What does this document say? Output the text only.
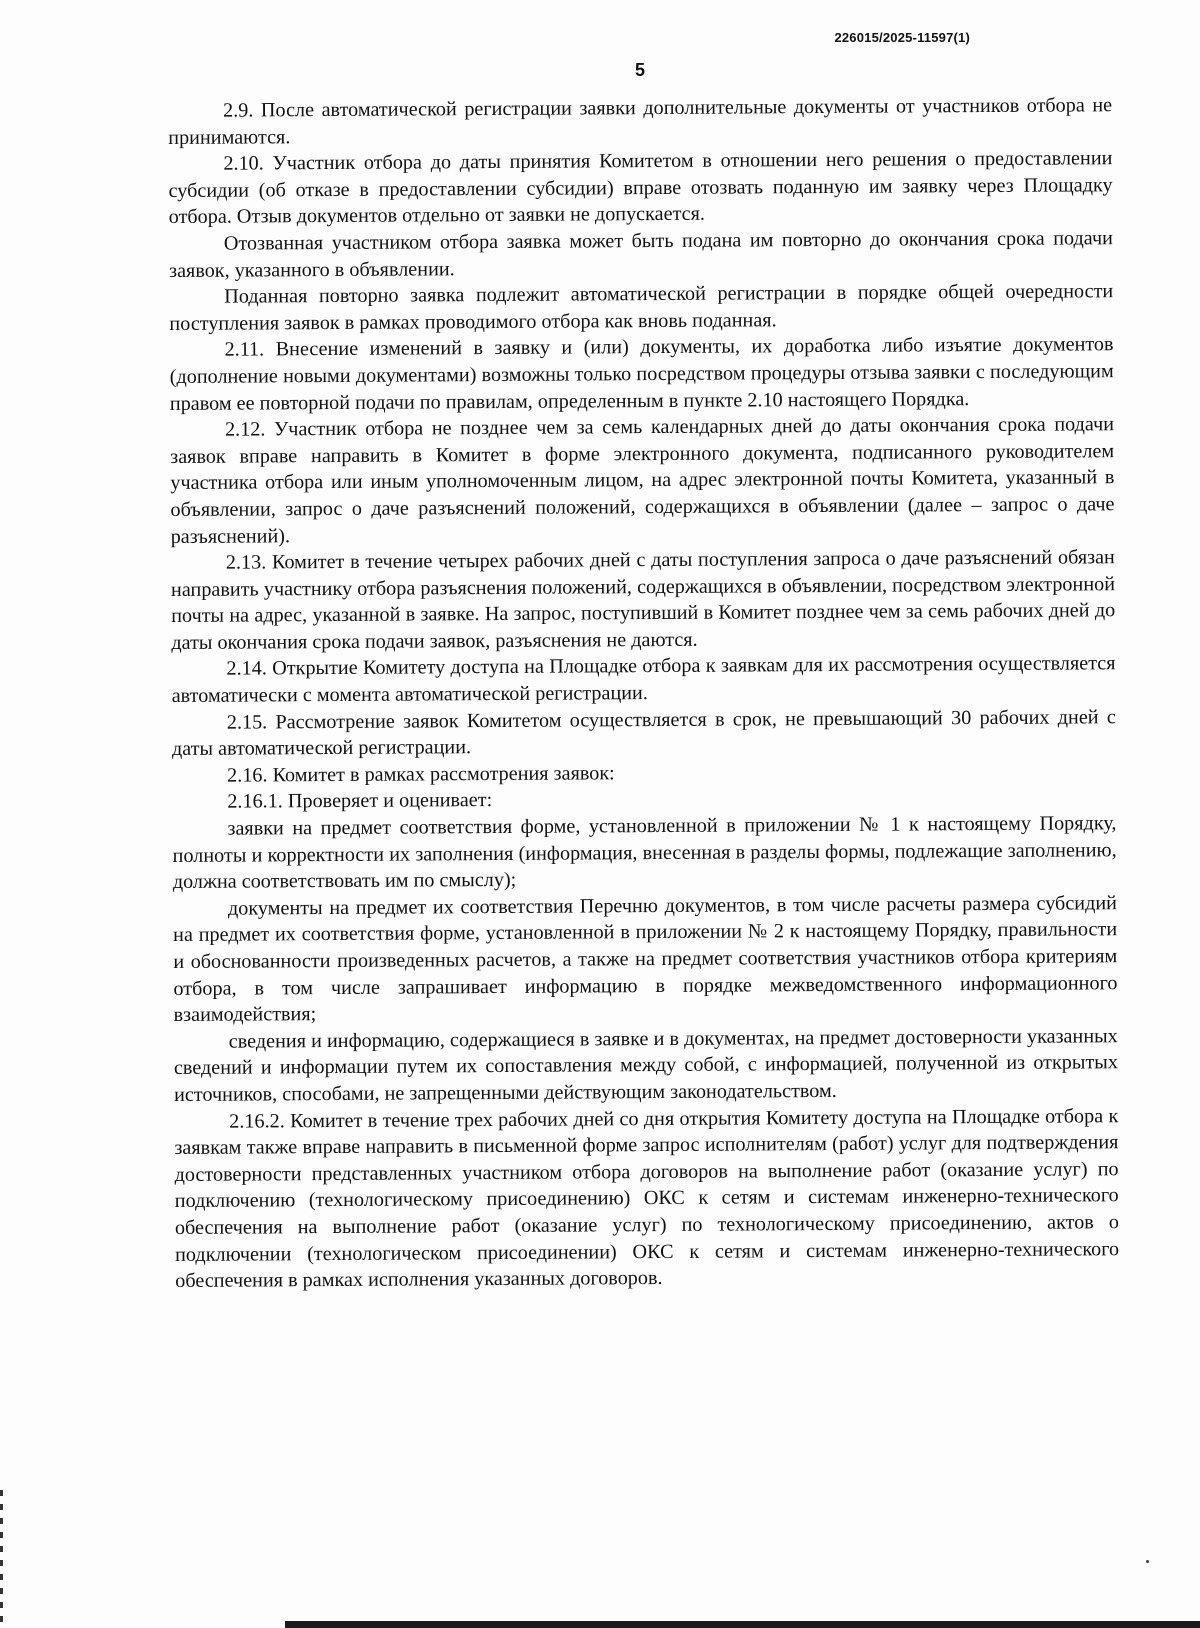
226015/2025-11597(1)
5

2.9. После автоматической регистрации заявки дополнительные документы от участников отбора не принимаются.

2.10. Участник отбора до даты принятия Комитетом в отношении него решения о предоставлении субсидии (об отказе в предоставлении субсидии) вправе отозвать поданную им заявку через Площадку отбора. Отзыв документов отдельно от заявки не допускается.

Отозванная участником отбора заявка может быть подана им повторно до окончания срока подачи заявок, указанного в объявлении.

Поданная повторно заявка подлежит автоматической регистрации в порядке общей очередности поступления заявок в рамках проводимого отбора как вновь поданная.

2.11. Внесение изменений в заявку и (или) документы, их доработка либо изъятие документов (дополнение новыми документами) возможны только посредством процедуры отзыва заявки с последующим правом ее повторной подачи по правилам, определенным в пункте 2.10 настоящего Порядка.

2.12. Участник отбора не позднее чем за семь календарных дней до даты окончания срока подачи заявок вправе направить в Комитет в форме электронного документа, подписанного руководителем участника отбора или иным уполномоченным лицом, на адрес электронной почты Комитета, указанный в объявлении, запрос о даче разъяснений положений, содержащихся в объявлении (далее – запрос о даче разъяснений).

2.13. Комитет в течение четырех рабочих дней с даты поступления запроса о даче разъяснений обязан направить участнику отбора разъяснения положений, содержащихся в объявлении, посредством электронной почты на адрес, указанной в заявке. На запрос, поступивший в Комитет позднее чем за семь рабочих дней до даты окончания срока подачи заявок, разъяснения не даются.

2.14. Открытие Комитету доступа на Площадке отбора к заявкам для их рассмотрения осуществляется автоматически с момента автоматической регистрации.

2.15. Рассмотрение заявок Комитетом осуществляется в срок, не превышающий 30 рабочих дней с даты автоматической регистрации.

2.16. Комитет в рамках рассмотрения заявок:

2.16.1. Проверяет и оценивает:

заявки на предмет соответствия форме, установленной в приложении № 1 к настоящему Порядку, полноты и корректности их заполнения (информация, внесенная в разделы формы, подлежащие заполнению, должна соответствовать им по смыслу);

документы на предмет их соответствия Перечню документов, в том числе расчеты размера субсидий на предмет их соответствия форме, установленной в приложении № 2 к настоящему Порядку, правильности и обоснованности произведенных расчетов, а также на предмет соответствия участников отбора критериям отбора, в том числе запрашивает информацию в порядке межведомственного информационного взаимодействия;

сведения и информацию, содержащиеся в заявке и в документах, на предмет достоверности указанных сведений и информации путем их сопоставления между собой, с информацией, полученной из открытых источников, способами, не запрещенными действующим законодательством.

2.16.2. Комитет в течение трех рабочих дней со дня открытия Комитету доступа на Площадке отбора к заявкам также вправе направить в письменной форме запрос исполнителям (работ) услуг для подтверждения достоверности представленных участником отбора договоров на выполнение работ (оказание услуг) по подключению (технологическому присоединению) ОКС к сетям и системам инженерно-технического обеспечения на выполнение работ (оказание услуг) по технологическому присоединению, актов о подключении (технологическом присоединении) ОКС к сетям и системам инженерно-технического обеспечения в рамках исполнения указанных договоров.
